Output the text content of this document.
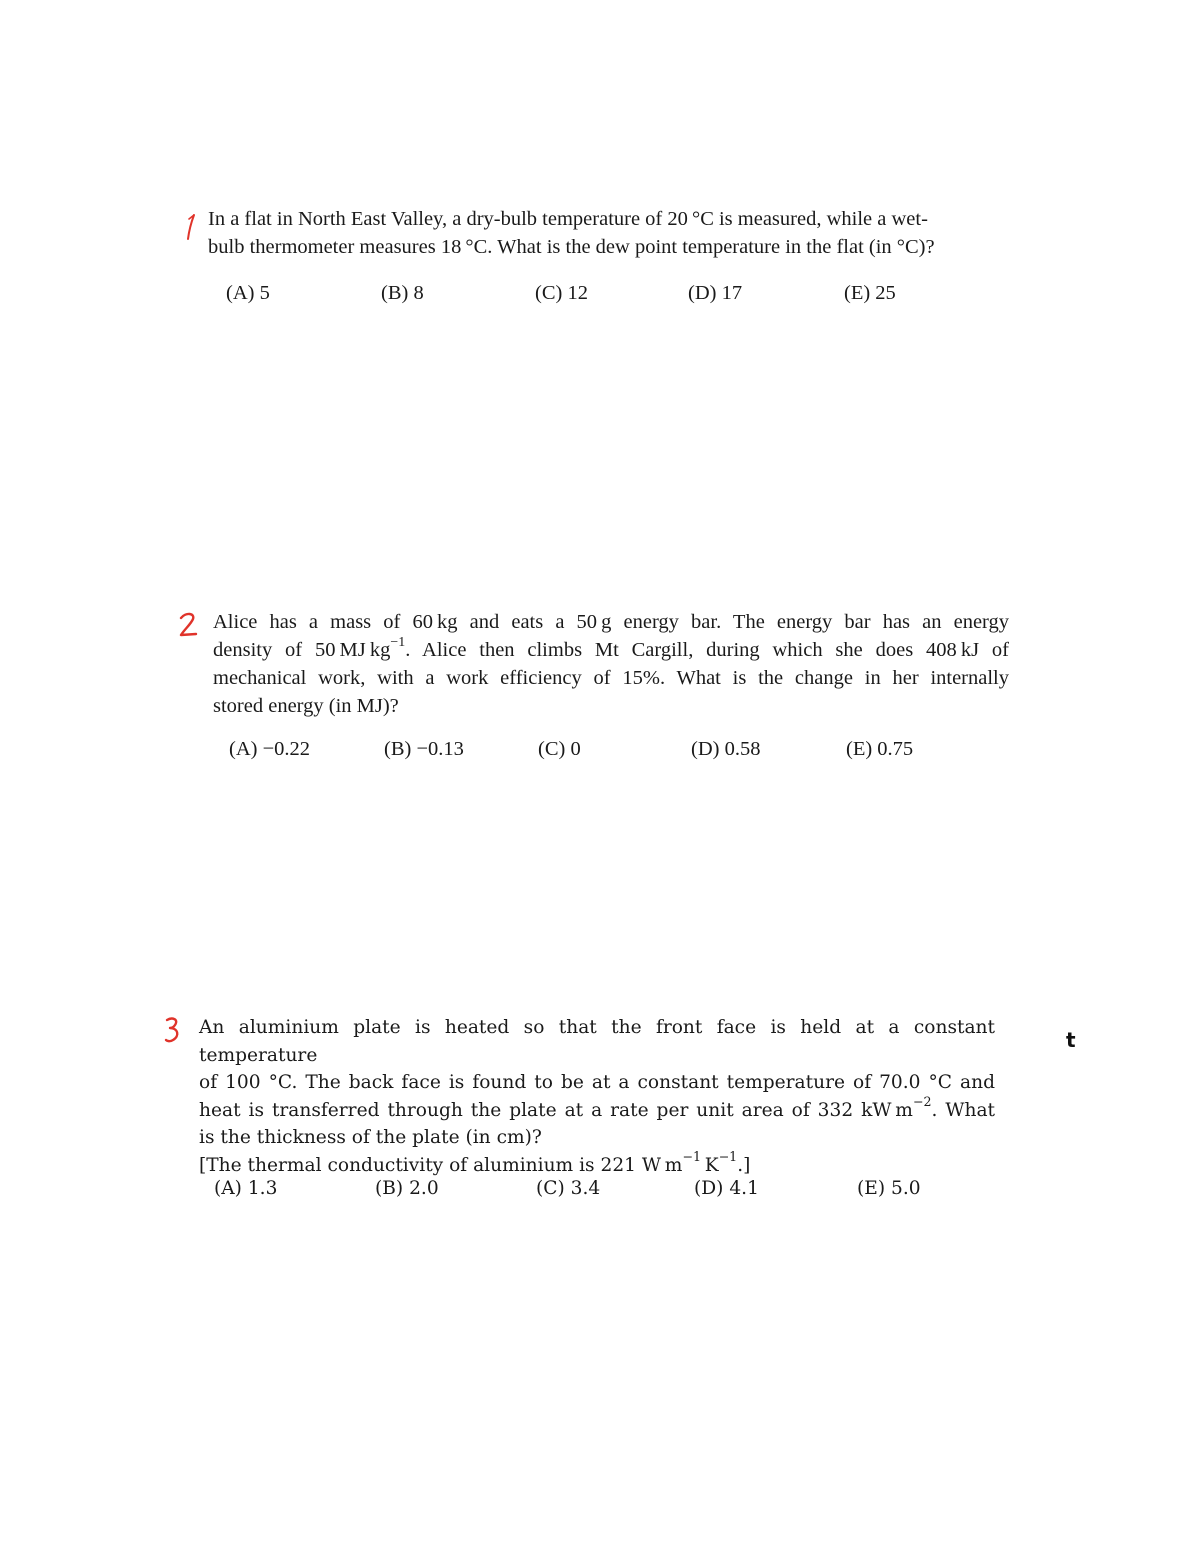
In a flat in North East Valley, a dry-bulb temperature of 20 °C is measured, while a wet-
bulb thermometer measures 18 °C. What is the dew point temperature in the flat (in °C)?
(A) 5	(B) 8	(C) 12	(D) 17	(E) 25
Alice has a mass of 60 kg and eats a 50 g energy bar. The energy bar has an energy
density of 50 MJ $kg^{-1}$. Alice then climbs Mt Cargill, during which she does 408 kJ of
mechanical work, with a work efficiency of 15%. What is the change in her internally
stored energy (in MJ)?
(A) −0.22	(B) −0.13	(C) 0	(D) 0.58	(E) 0.75
An aluminium plate is heated so that the front face is held at a constant temperature
of 100 °C. The back face is found to be at a constant temperature of 70.0 °C and
heat is transferred through the plate at a rate per unit area of 332 kW $m^{-2}$. What
is the thickness of the plate (in cm)?
[The thermal conductivity of aluminium is 221 W $m^{-1}$ $K^{-1}$.]
(A) 1.3	(B) 2.0	(C) 3.4	(D) 4.1	(E) 5.0
t
